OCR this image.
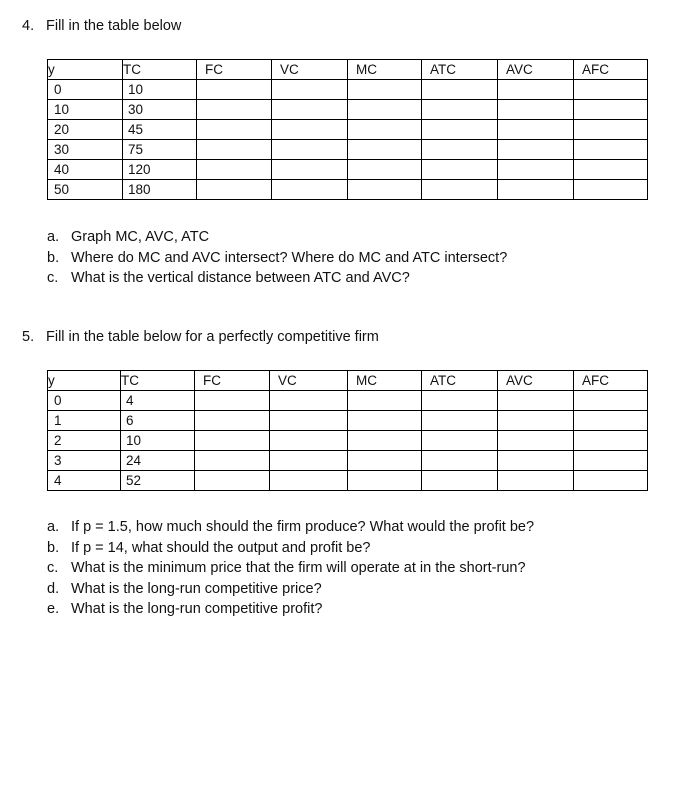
4. Fill in the table below
y	TC	FC	VC	MC	ATC	AVC	AFC
0	10						
10	30						
20	45						
30	75						
40	120						
50	180						
a. Graph MC, AVC, ATC
b. Where do MC and AVC intersect? Where do MC and ATC intersect?
c. What is the vertical distance between ATC and AVC?
5. Fill in the table below for a perfectly competitive firm
y	TC	FC	VC	MC	ATC	AVC	AFC
0	4						
1	6						
2	10						
3	24						
4	52						
a. If p = 1.5, how much should the firm produce? What would the profit be?
b. If p = 14, what should the output and profit be?
c. What is the minimum price that the firm will operate at in the short-run?
d. What is the long-run competitive price?
e. What is the long-run competitive profit?
